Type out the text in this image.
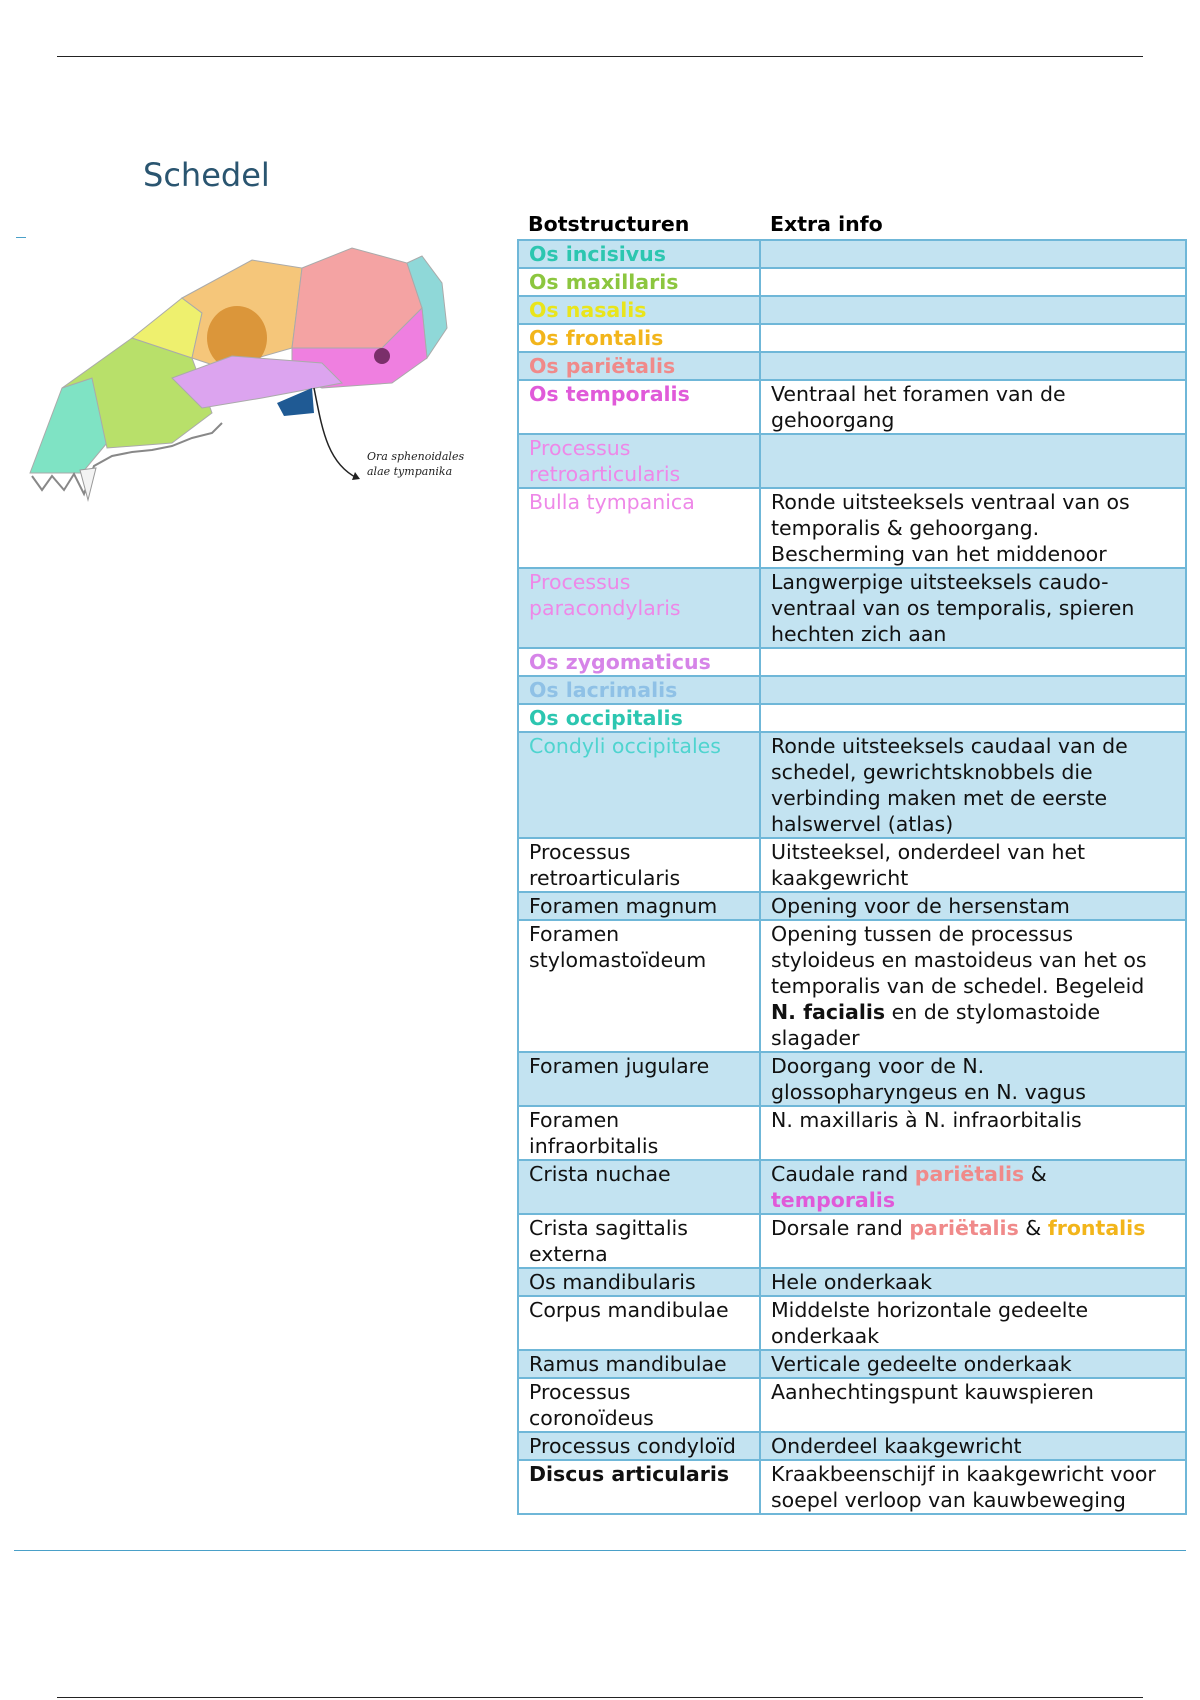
Schedel
Ora sphenoidales
alae tympanika
Botstructuren	Extra info
Os incisivus	
Os maxillaris	
Os nasalis	
Os frontalis	
Os pariëtalis	
Os temporalis	Ventraal het foramen van de gehoorgang
Processus retroarticularis	
Bulla tympanica	Ronde uitsteeksels ventraal van os temporalis & gehoorgang. Bescherming van het middenoor
Processus paracondylaris	Langwerpige uitsteeksels caudo-ventraal van os temporalis, spieren hechten zich aan
Os zygomaticus	
Os lacrimalis	
Os occipitalis	
Condyli occipitales	Ronde uitsteeksels caudaal van de schedel, gewrichtsknobbels die verbinding maken met de eerste halswervel (atlas)
Processus retroarticularis	Uitsteeksel, onderdeel van het kaakgewricht
Foramen magnum	Opening voor de hersenstam
Foramen stylomastoïdeum	Opening tussen de processus styloideus en mastoideus van het os temporalis van de schedel. Begeleid N. facialis en de stylomastoide slagader
Foramen jugulare	Doorgang voor de N. glossopharyngeus en N. vagus
Foramen infraorbitalis	N. maxillaris à N. infraorbitalis
Crista nuchae	Caudale rand pariëtalis & temporalis
Crista sagittalis externa	Dorsale rand pariëtalis & frontalis
Os mandibularis	Hele onderkaak
Corpus mandibulae	Middelste horizontale gedeelte onderkaak
Ramus mandibulae	Verticale gedeelte onderkaak
Processus coronoïdeus	Aanhechtingspunt kauwspieren
Processus condyloïd	Onderdeel kaakgewricht
Discus articularis	Kraakbeenschijf in kaakgewricht voor soepel verloop van kauwbeweging
